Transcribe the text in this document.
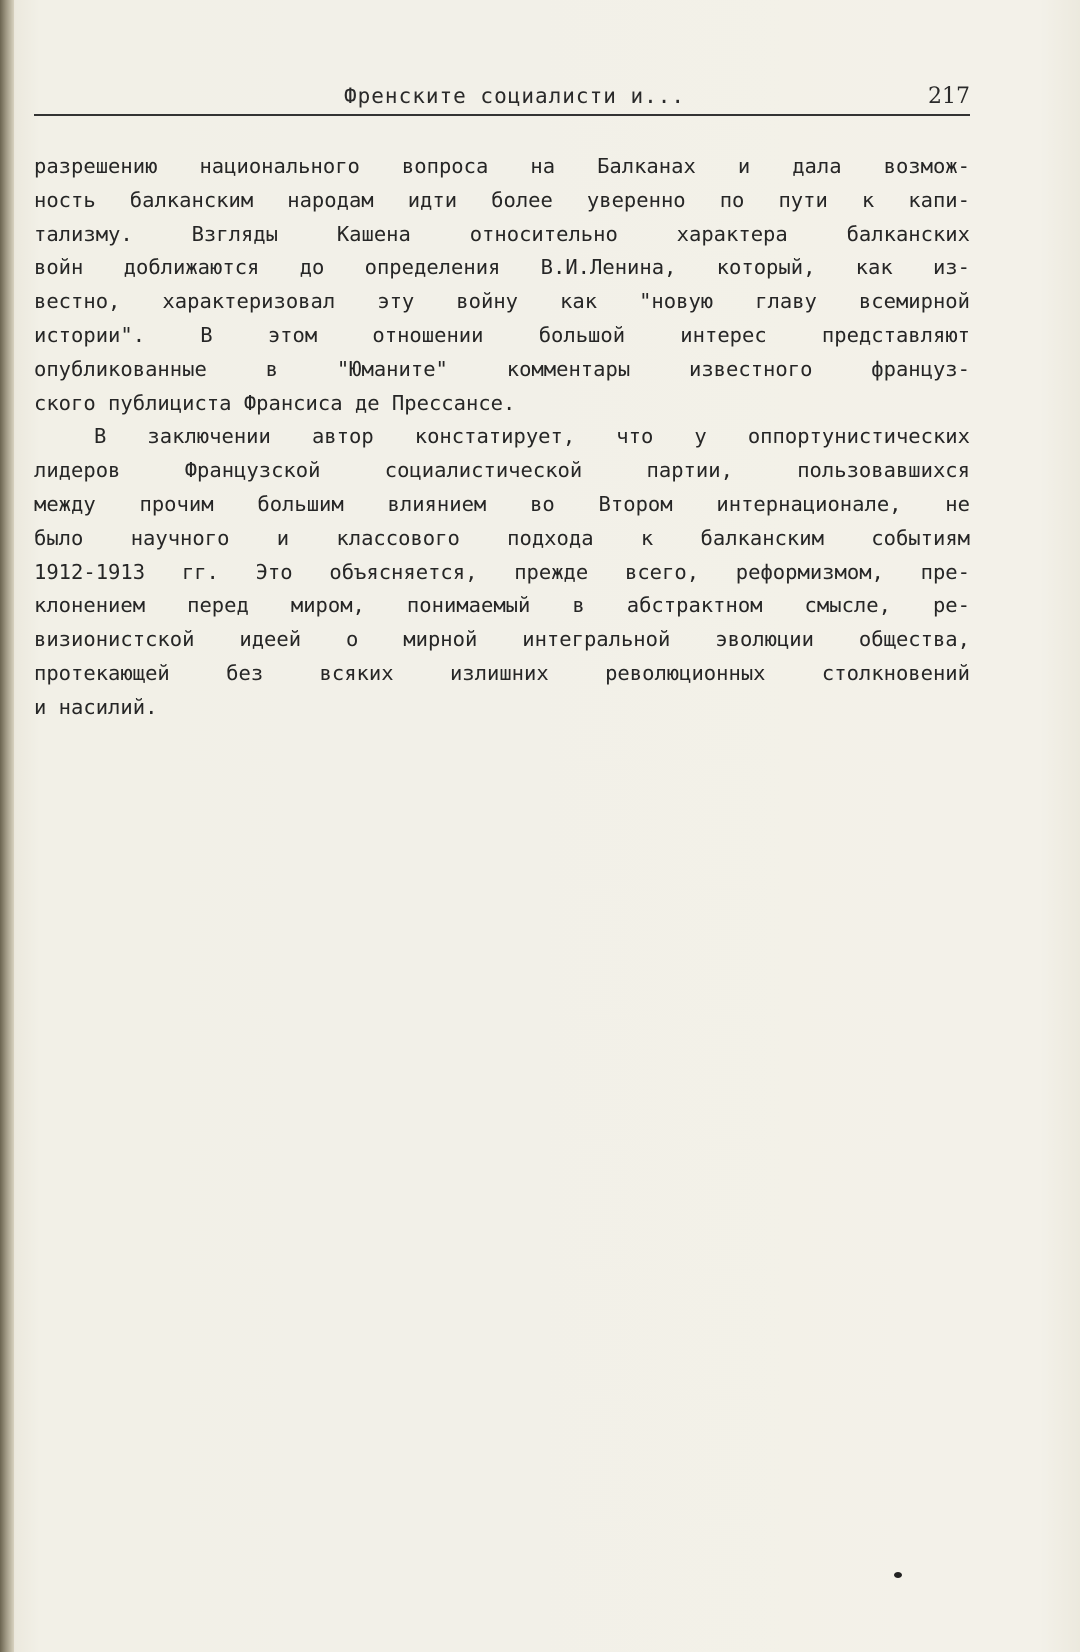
Френските социалисти и...	217
разрешению национального вопроса на Балканах и дала возмож-
ность балканским народам идти более уверенно по пути к капи-
тализму. Взгляды Кашена относительно характера балканских
войн доближаются до определения В.И.Ленина, который, как из-
вестно, характеризовал эту войну как "новую главу всемирной
истории". В этом отношении большой интерес представляют
опубликованные в "Юманите" комментары известного француз-
ского публициста Франсиса де Прессансе.
В заключении автор констатирует, что у оппортунистических
лидеров Французской социалистической партии, пользовавшихся
между прочим большим влиянием во Втором интернационале, не
было научного и классового подхода к балканским событиям
1912-1913 гг. Это объясняется, прежде всего, реформизмом, пре-
клонением перед миром, понимаемый в абстрактном смысле, ре-
визионистской идеей о мирной интегральной эволюции общества,
протекающей без всяких излишних революционных столкновений
и насилий.
